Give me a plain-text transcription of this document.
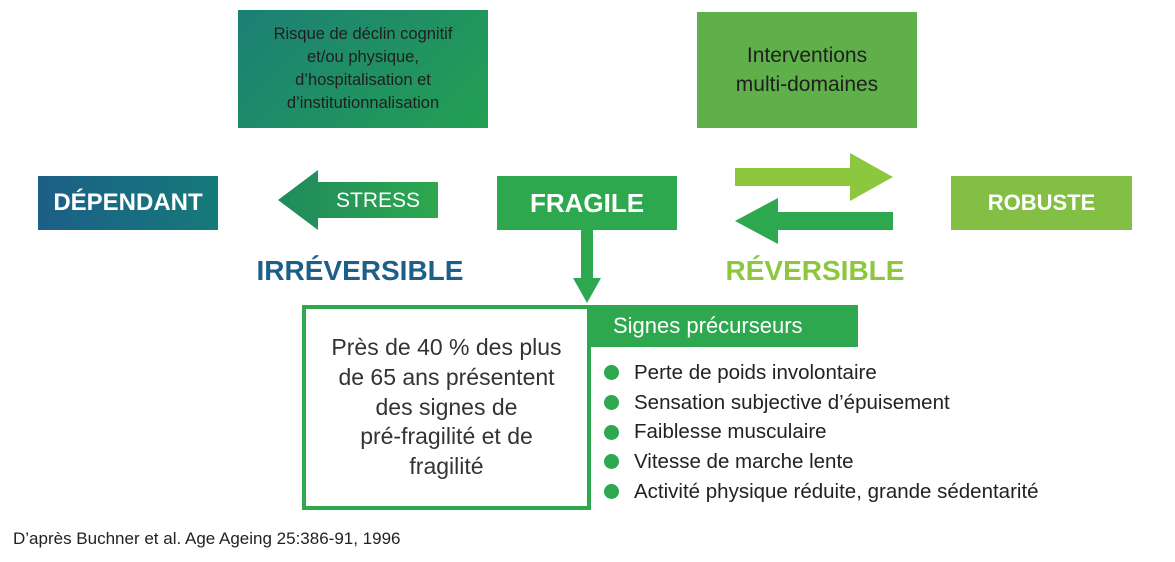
Risque de déclin cognitif
et/ou physique,
d’hospitalisation et
d’institutionnalisation
Interventions
multi-domaines
DÉPENDANT	STRESS	FRAGILE	ROBUSTE
IRRÉVERSIBLE	RÉVERSIBLE
Près de 40 % des plus
de 65 ans présentent
des signes de
pré-fragilité et de
fragilité
Signes précurseurs
Perte de poids involontaire
Sensation subjective d’épuisement
Faiblesse musculaire
Vitesse de marche lente
Activité physique réduite, grande sédentarité
D’après Buchner et al. Age Ageing 25:386-91, 1996
